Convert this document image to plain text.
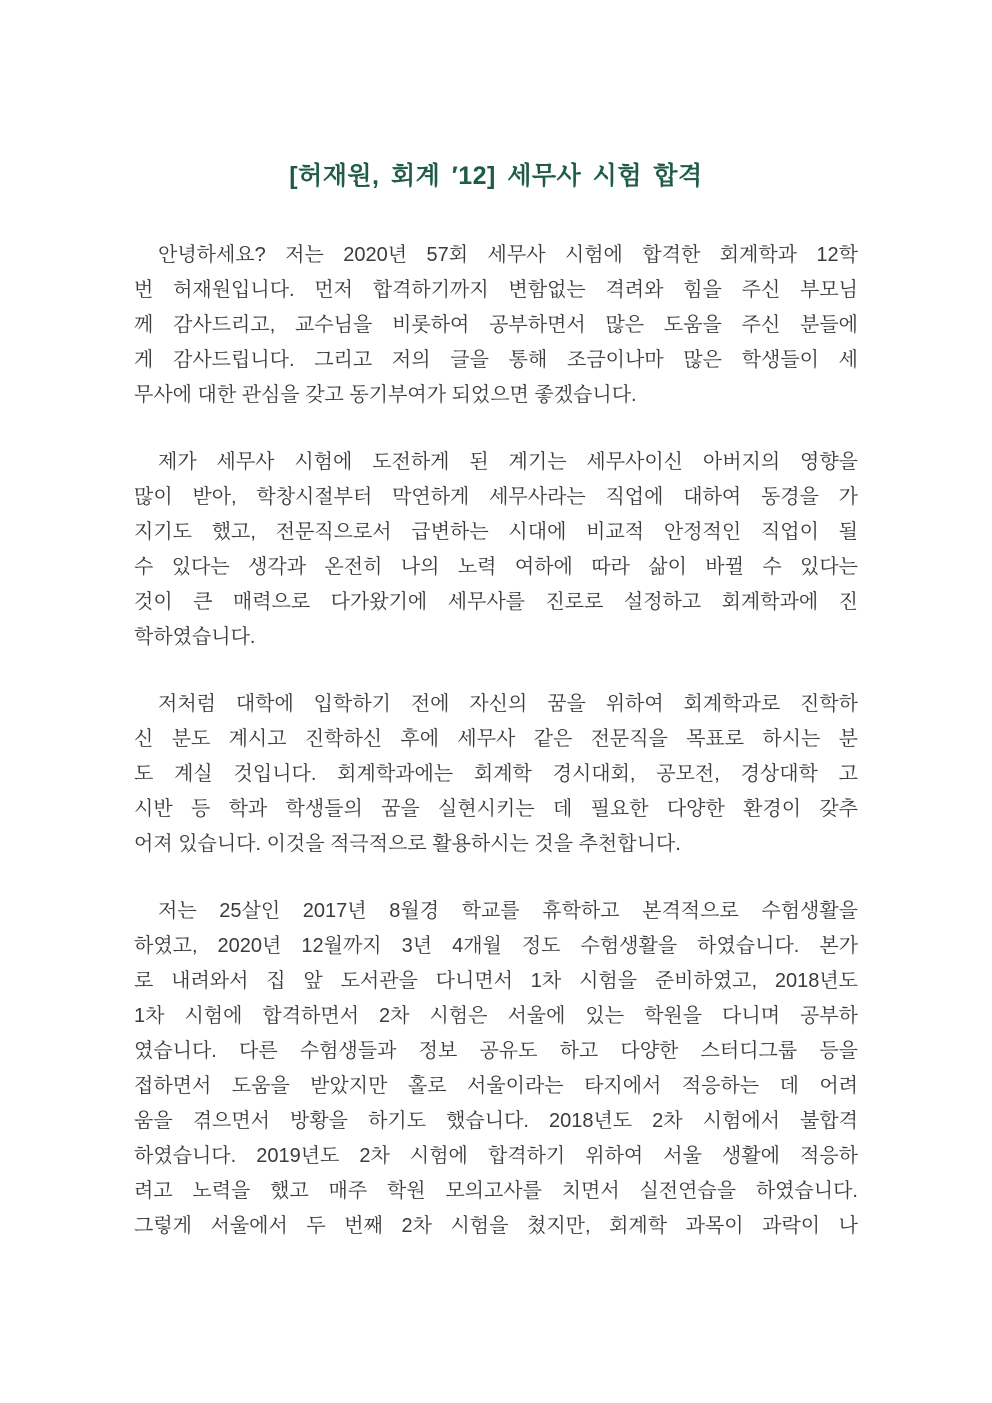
[허재원, 회계 ′12] 세무사 시험 합격
안녕하세요? 저는 2020년 57회 세무사 시험에 합격한 회계학과 12학
번 허재원입니다. 먼저 합격하기까지 변함없는 격려와 힘을 주신 부모님
께 감사드리고, 교수님을 비롯하여 공부하면서 많은 도움을 주신 분들에
게 감사드립니다. 그리고 저의 글을 통해 조금이나마 많은 학생들이 세
무사에 대한 관심을 갖고 동기부여가 되었으면 좋겠습니다.
제가 세무사 시험에 도전하게 된 계기는 세무사이신 아버지의 영향을
많이 받아, 학창시절부터 막연하게 세무사라는 직업에 대하여 동경을 가
지기도 했고, 전문직으로서 급변하는 시대에 비교적 안정적인 직업이 될
수 있다는 생각과 온전히 나의 노력 여하에 따라 삶이 바뀔 수 있다는
것이 큰 매력으로 다가왔기에 세무사를 진로로 설정하고 회계학과에 진
학하였습니다.
저처럼 대학에 입학하기 전에 자신의 꿈을 위하여 회계학과로 진학하
신 분도 계시고 진학하신 후에 세무사 같은 전문직을 목표로 하시는 분
도 계실 것입니다. 회계학과에는 회계학 경시대회, 공모전, 경상대학 고
시반 등 학과 학생들의 꿈을 실현시키는 데 필요한 다양한 환경이 갖추
어져 있습니다. 이것을 적극적으로 활용하시는 것을 추천합니다.
저는 25살인 2017년 8월경 학교를 휴학하고 본격적으로 수험생활을
하였고, 2020년 12월까지 3년 4개월 정도 수험생활을 하였습니다. 본가
로 내려와서 집 앞 도서관을 다니면서 1차 시험을 준비하였고, 2018년도
1차 시험에 합격하면서 2차 시험은 서울에 있는 학원을 다니며 공부하
였습니다. 다른 수험생들과 정보 공유도 하고 다양한 스터디그룹 등을
접하면서 도움을 받았지만 홀로 서울이라는 타지에서 적응하는 데 어려
움을 겪으면서 방황을 하기도 했습니다. 2018년도 2차 시험에서 불합격
하였습니다. 2019년도 2차 시험에 합격하기 위하여 서울 생활에 적응하
려고 노력을 했고 매주 학원 모의고사를 치면서 실전연습을 하였습니다.
그렇게 서울에서 두 번째 2차 시험을 쳤지만, 회계학 과목이 과락이 나
